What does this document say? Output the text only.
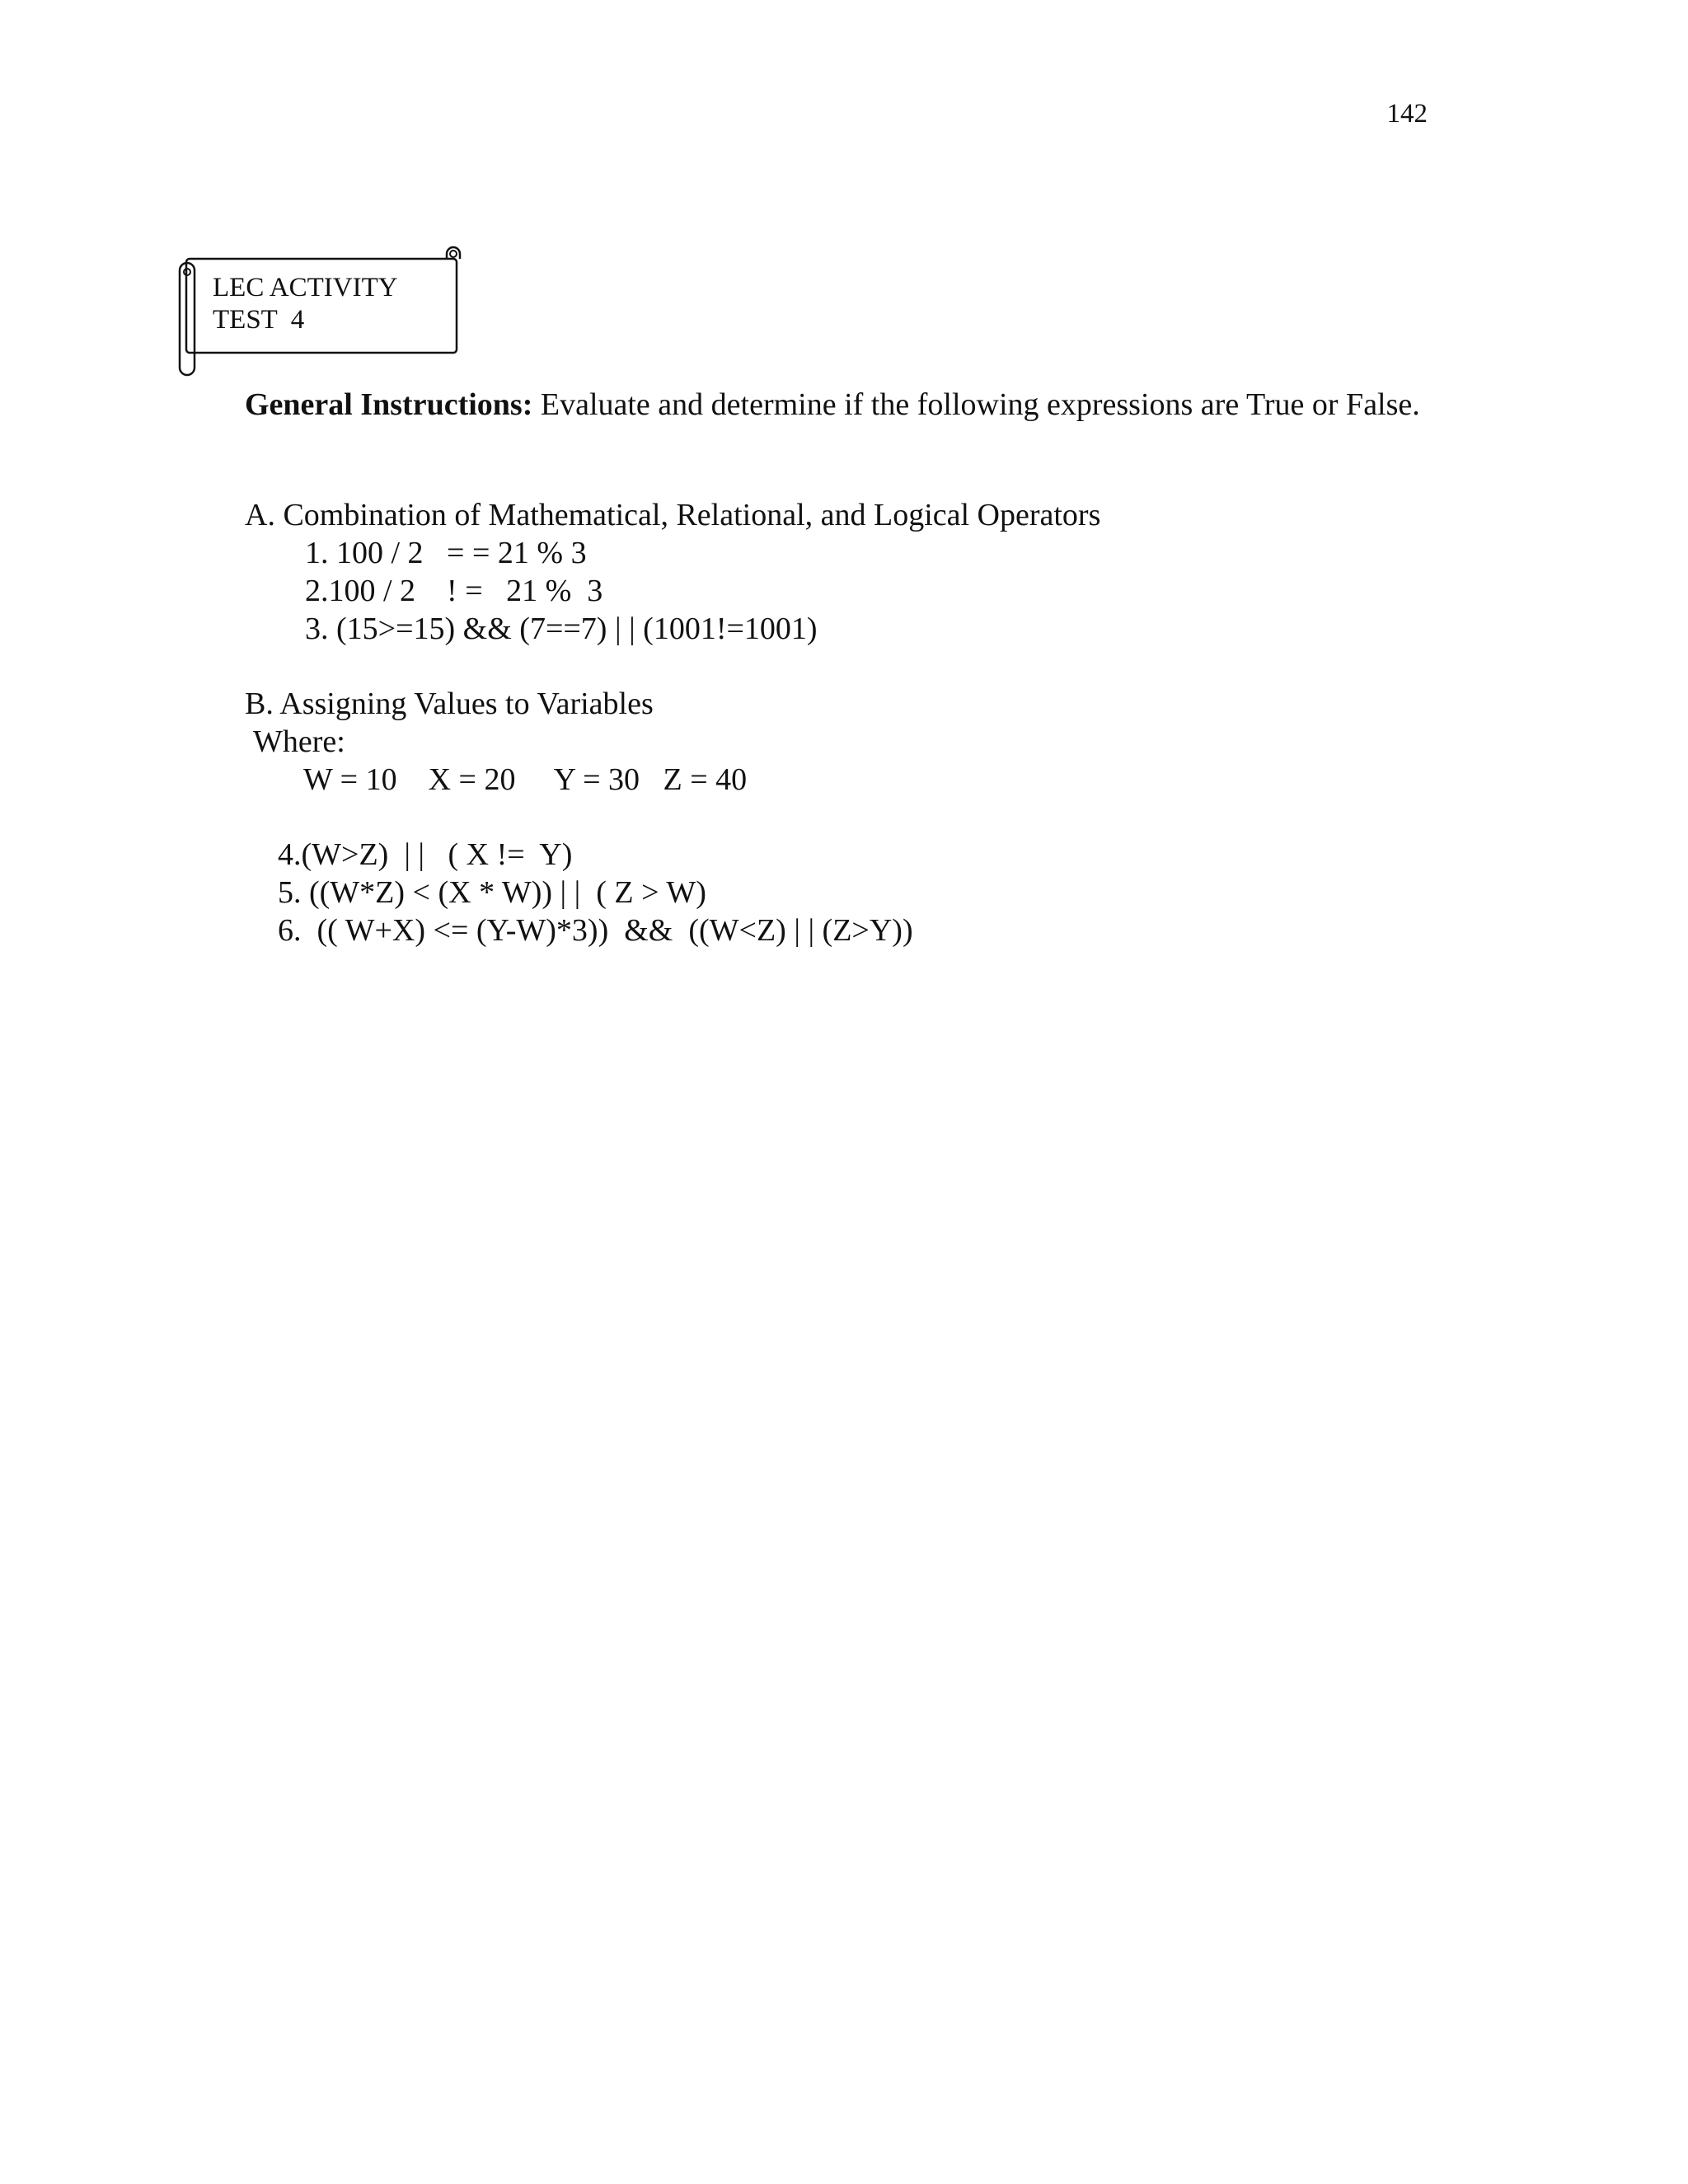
142
LEC ACTIVITY
TEST  4
General Instructions: Evaluate and determine if the following expressions are True or False.
A. Combination of Mathematical, Relational, and Logical Operators
1. 100 / 2   = = 21 % 3
2.100 / 2    ! =   21 %  3
3. (15>=15) && (7==7) | | (1001!=1001)
B. Assigning Values to Variables
Where:
W = 10    X = 20     Y = 30   Z = 40
4.(W>Z)  | |   ( X !=  Y)
5. ((W*Z) < (X * W)) | |  ( Z > W)
6.  (( W+X) <= (Y-W)*3))  &&  ((W<Z) | | (Z>Y))
